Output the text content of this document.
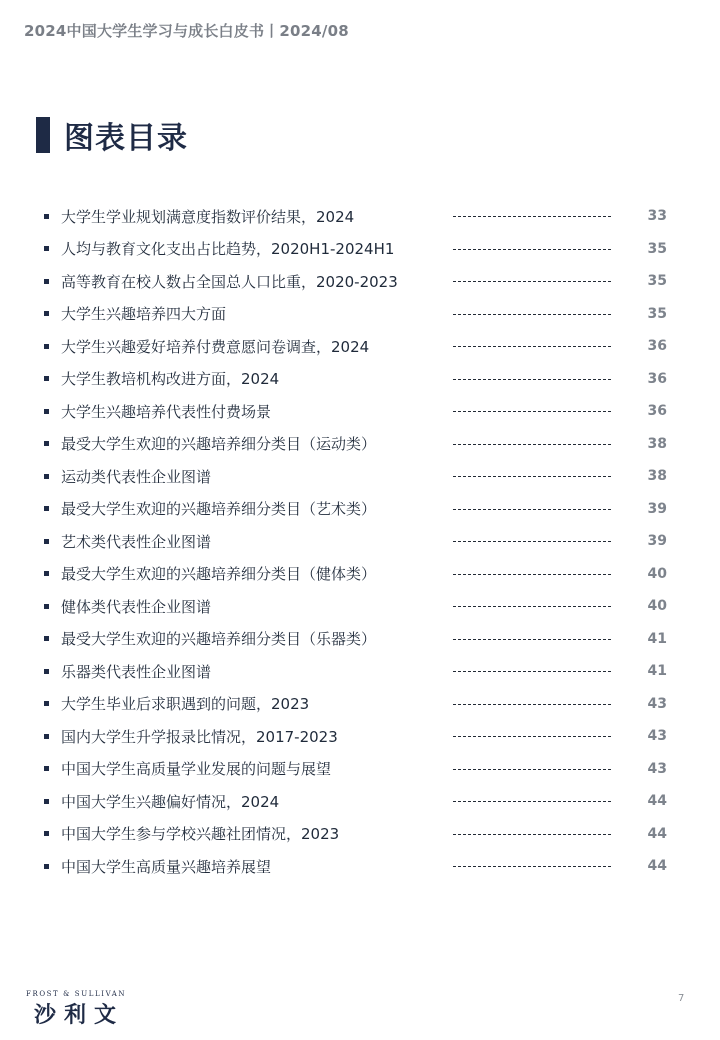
2024中国大学生学习与成长白皮书丨2024/08
图表目录
大学生学业规划满意度指数评价结果，2024	33
人均与教育文化支出占比趋势，2020H1-2024H1	35
高等教育在校人数占全国总人口比重，2020-2023	35
大学生兴趣培养四大方面	35
大学生兴趣爱好培养付费意愿问卷调查，2024	36
大学生教培机构改进方面，2024	36
大学生兴趣培养代表性付费场景	36
最受大学生欢迎的兴趣培养细分类目（运动类）	38
运动类代表性企业图谱	38
最受大学生欢迎的兴趣培养细分类目（艺术类）	39
艺术类代表性企业图谱	39
最受大学生欢迎的兴趣培养细分类目（健体类）	40
健体类代表性企业图谱	40
最受大学生欢迎的兴趣培养细分类目（乐器类）	41
乐器类代表性企业图谱	41
大学生毕业后求职遇到的问题，2023	43
国内大学生升学报录比情况，2017-2023	43
中国大学生高质量学业发展的问题与展望	43
中国大学生兴趣偏好情况，2024	44
中国大学生参与学校兴趣社团情况，2023	44
中国大学生高质量兴趣培养展望	44
FROST & SULLIVAN
沙利文
7
